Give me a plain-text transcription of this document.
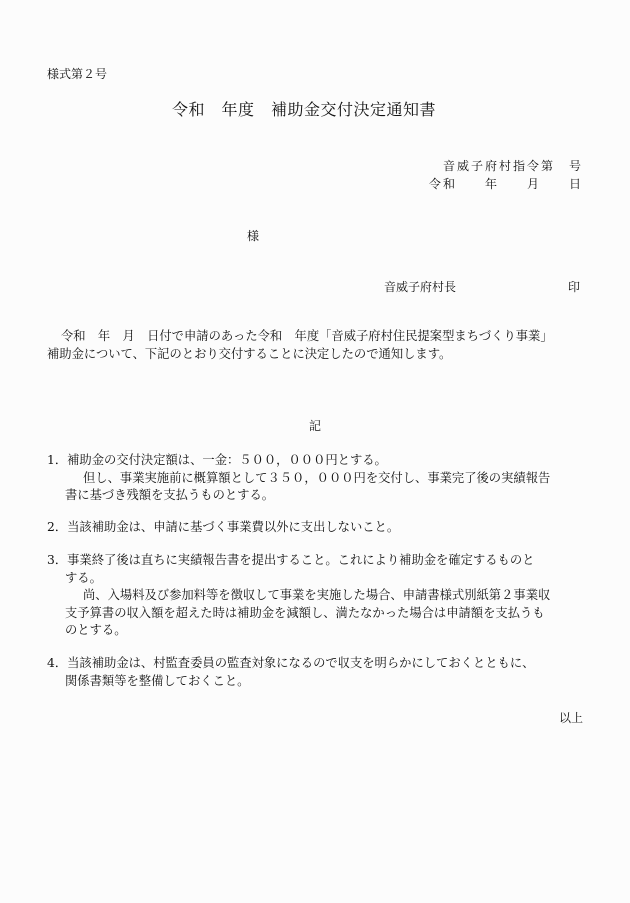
様式第２号
令和　年度　補助金交付決定通知書
音威子府村指令第　号
令和　　年　　月　　日
様
音威子府村長	印
令和　年　月　日付で申請のあった令和　年度「音威子府村住民提案型まちづくり事業」
補助金について、下記のとおり交付することに決定したので通知します。
記
1．補助金の交付決定額は、一金：５００，０００円とする。
但し、事業実施前に概算額として３５０，０００円を交付し、事業完了後の実績報告
書に基づき残額を支払うものとする。
2．当該補助金は、申請に基づく事業費以外に支出しないこと。
3．事業終了後は直ちに実績報告書を提出すること。これにより補助金を確定するものと
する。
尚、入場料及び参加料等を徴収して事業を実施した場合、申請書様式別紙第２事業収
支予算書の収入額を超えた時は補助金を減額し、満たなかった場合は申請額を支払うも
のとする。
4．当該補助金は、村監査委員の監査対象になるので収支を明らかにしておくとともに、
関係書類等を整備しておくこと。
以上
